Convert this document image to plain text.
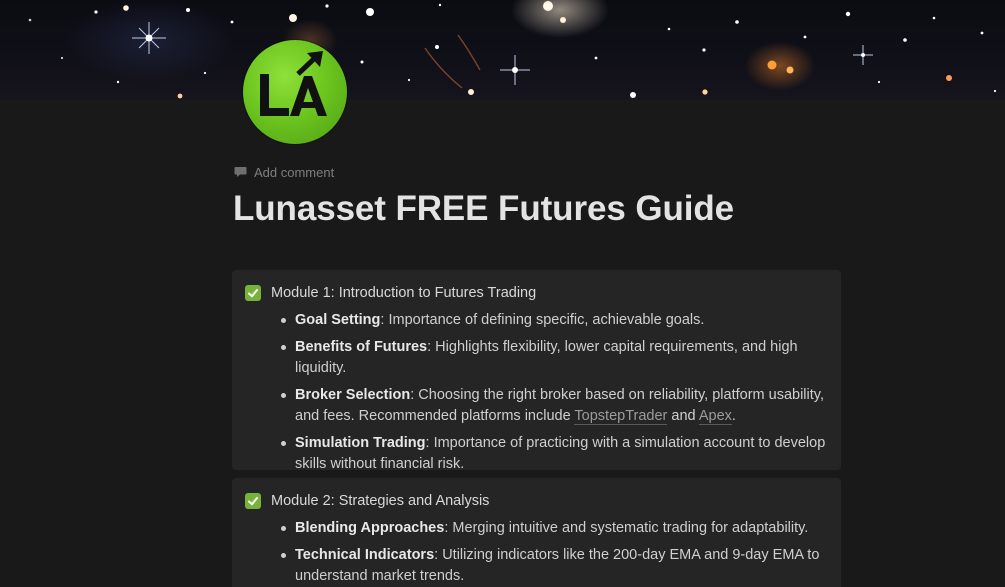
Add comment
Lunasset FREE Futures Guide
Module 1: Introduction to Futures Trading
Goal Setting: Importance of defining specific, achievable goals.
Benefits of Futures: Highlights flexibility, lower capital requirements, and high liquidity.
Broker Selection: Choosing the right broker based on reliability, platform usability, and fees. Recommended platforms include TopstepTrader and Apex.
Simulation Trading: Importance of practicing with a simulation account to develop skills without financial risk.
Module 2: Strategies and Analysis
Blending Approaches: Merging intuitive and systematic trading for adaptability.
Technical Indicators: Utilizing indicators like the 200-day EMA and 9-day EMA to understand market trends.
